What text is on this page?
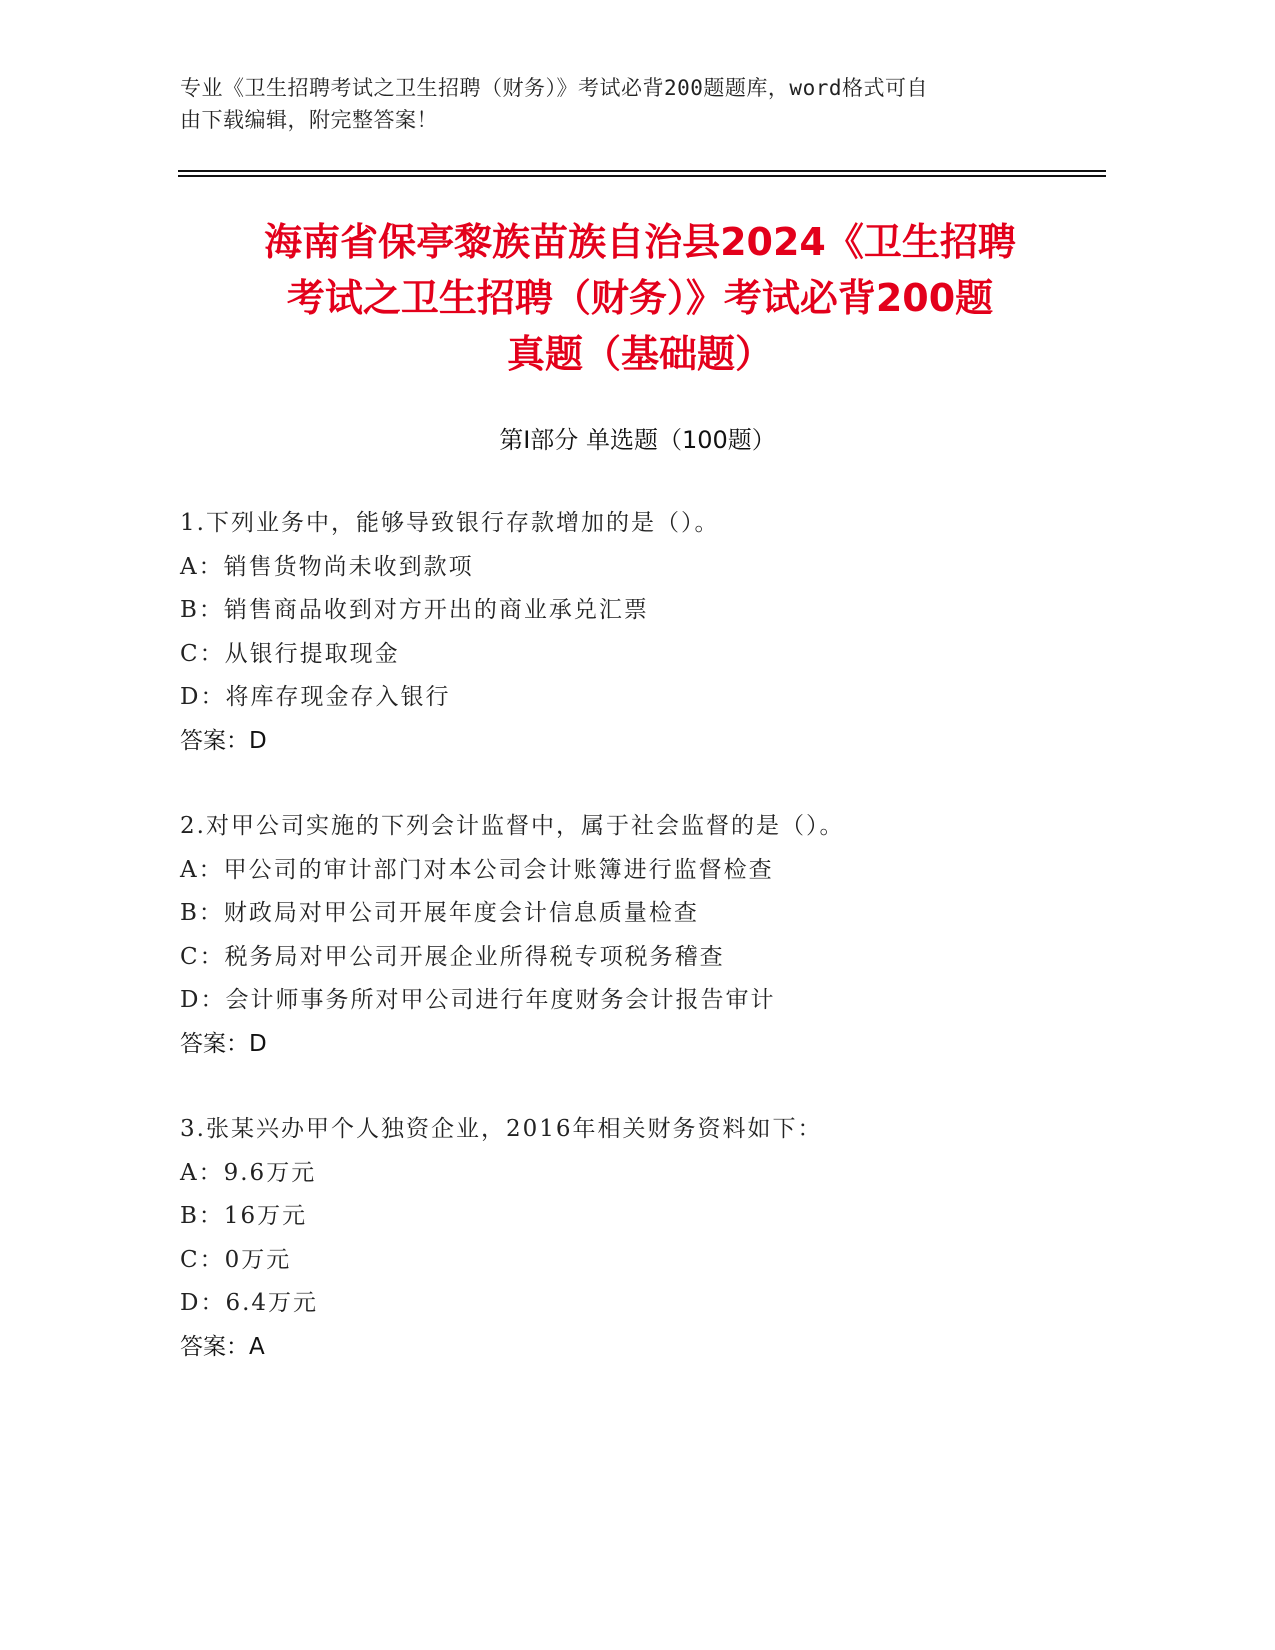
专业《卫生招聘考试之卫生招聘（财务）》考试必背200题题库，word格式可自
由下载编辑，附完整答案！
海南省保亭黎族苗族自治县2024《卫生招聘
考试之卫生招聘（财务）》考试必背200题
真题（基础题）
第Ⅰ部分 单选题（100题）
1.下列业务中，能够导致银行存款增加的是（）。
A：销售货物尚未收到款项
B：销售商品收到对方开出的商业承兑汇票
C：从银行提取现金
D：将库存现金存入银行
答案：D
2.对甲公司实施的下列会计监督中，属于社会监督的是（）。
A：甲公司的审计部门对本公司会计账簿进行监督检查
B：财政局对甲公司开展年度会计信息质量检查
C：税务局对甲公司开展企业所得税专项税务稽查
D：会计师事务所对甲公司进行年度财务会计报告审计
答案：D
3.张某兴办甲个人独资企业，2016年相关财务资料如下：
A：9.6万元
B：16万元
C：0万元
D：6.4万元
答案：A
